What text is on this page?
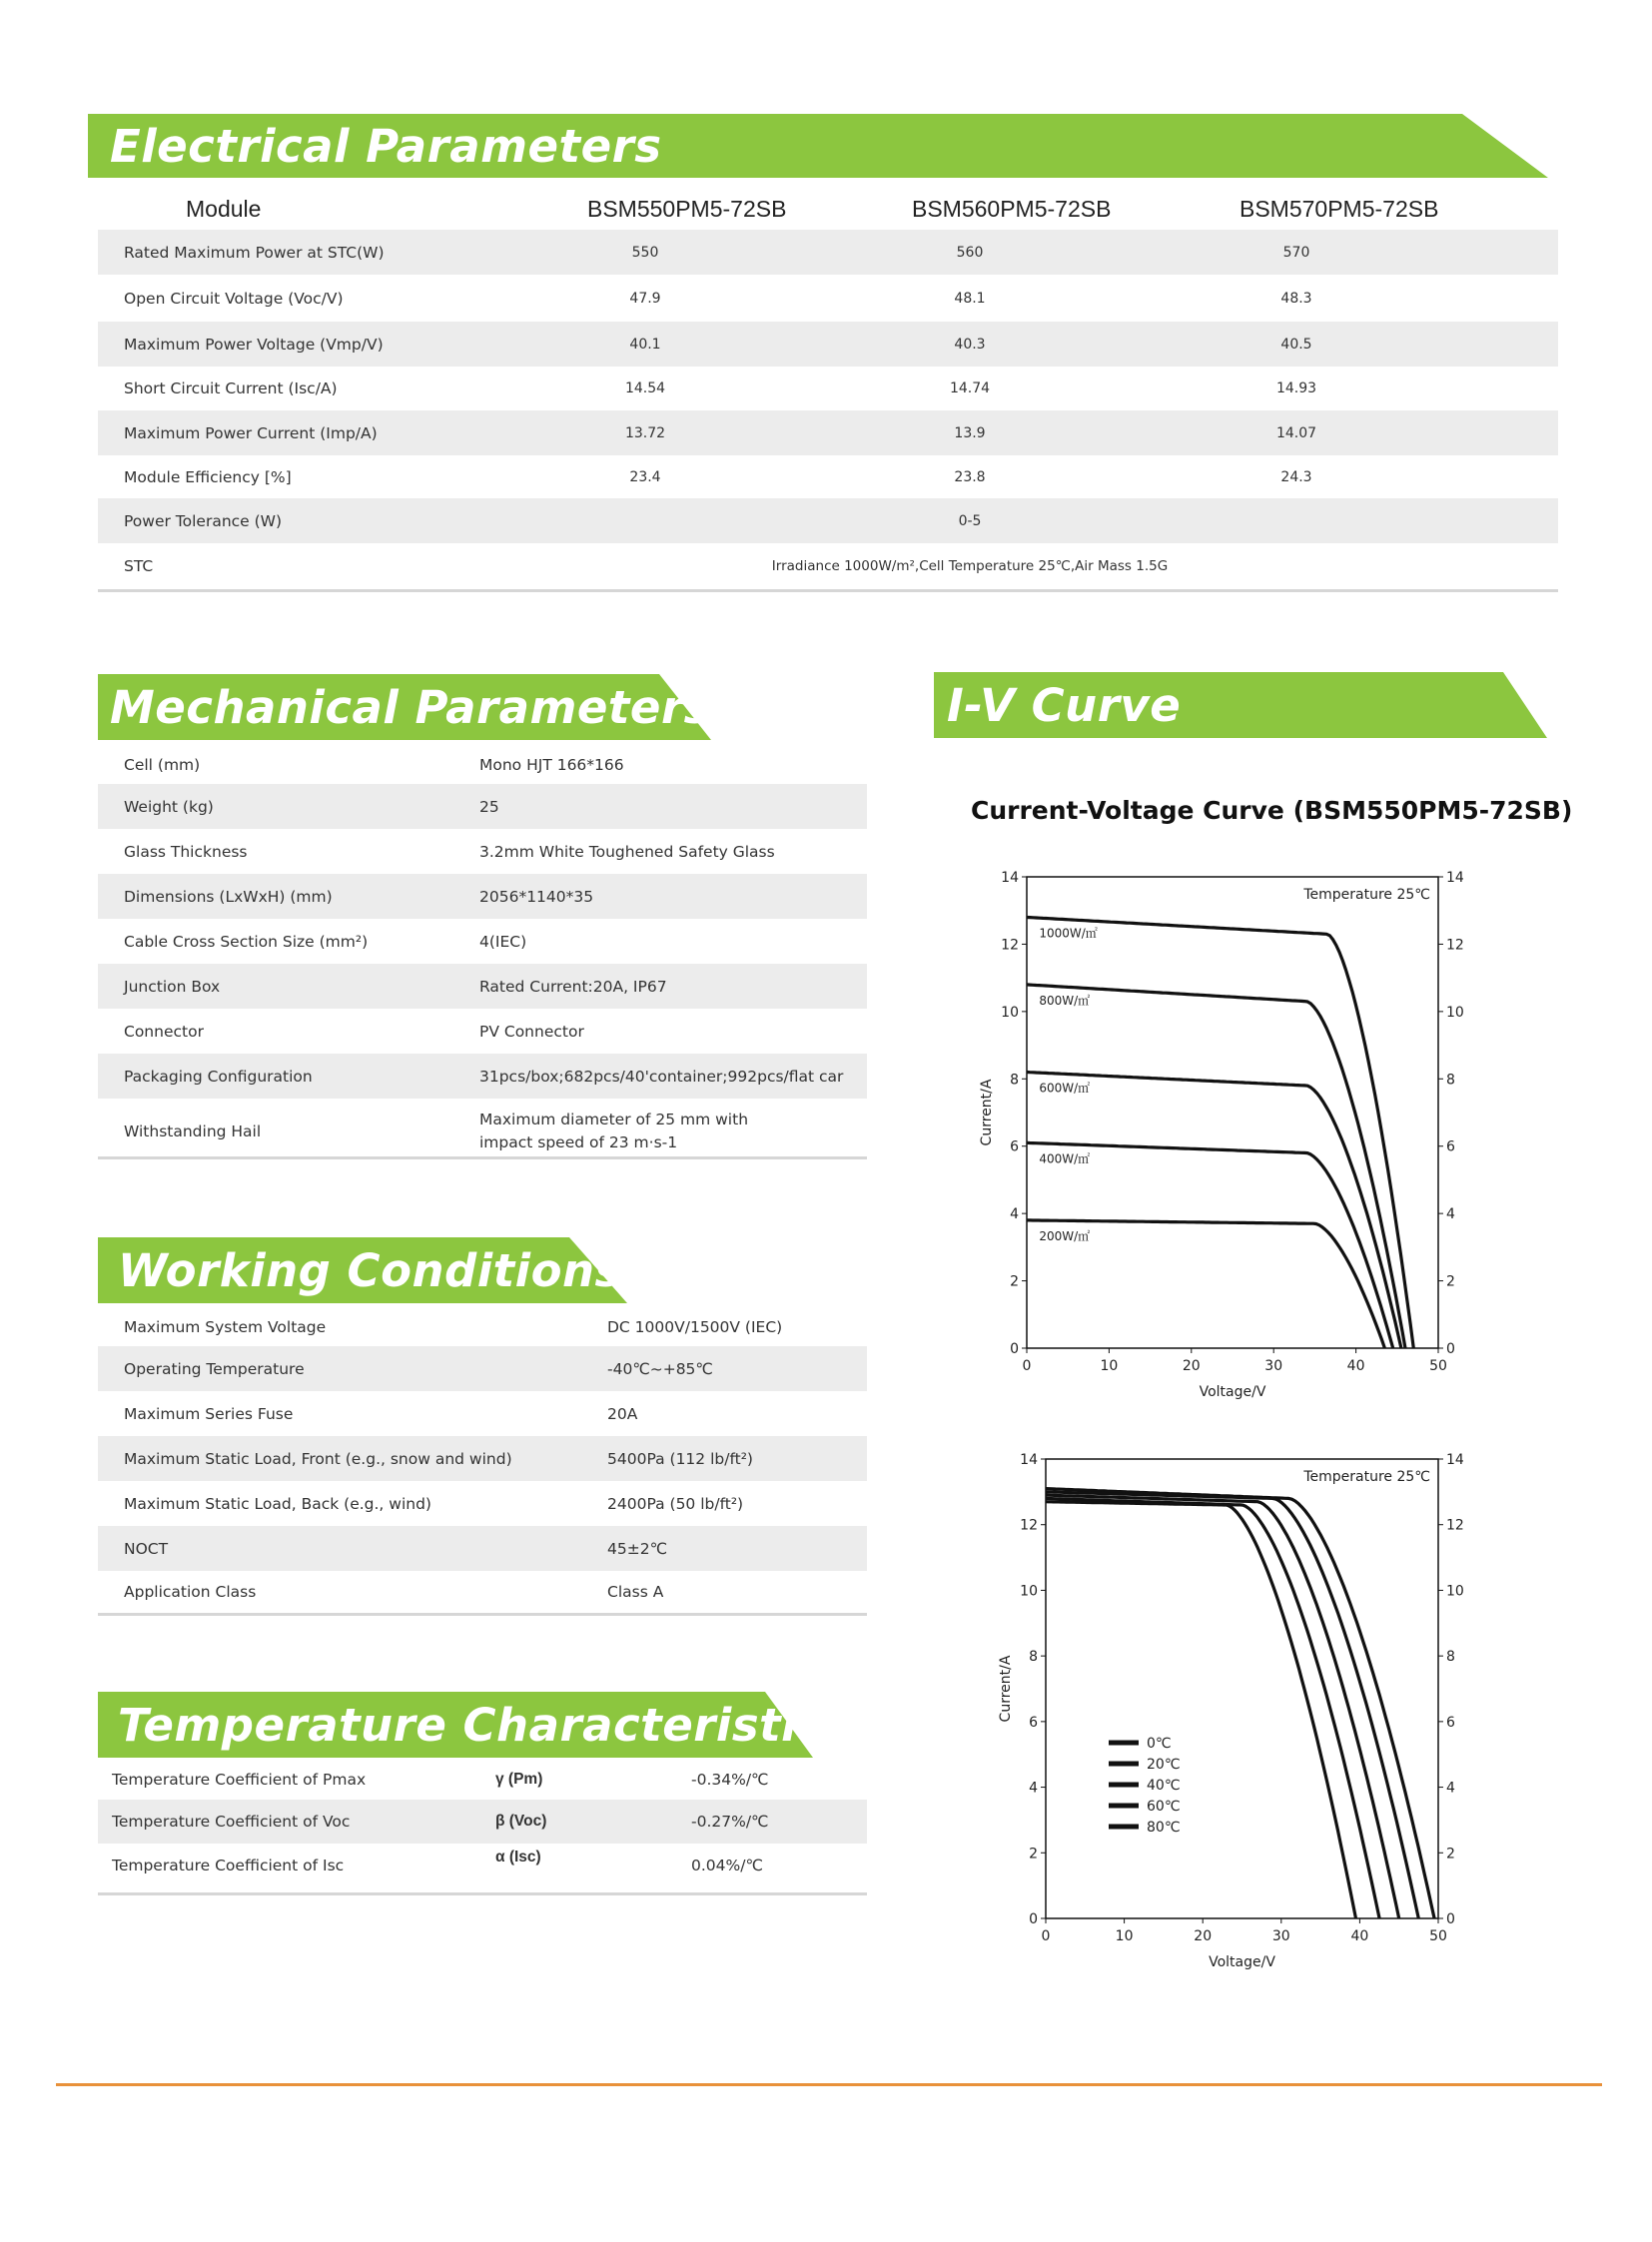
Electrical Parameters
Module	BSM550PM5-72SB	BSM560PM5-72SB	BSM570PM5-72SB
Rated Maximum Power at STC(W)	550	560	570
Open Circuit Voltage (Voc/V)	47.9	48.1	48.3
Maximum Power Voltage (Vmp/V)	40.1	40.3	40.5
Short Circuit Current (Isc/A)	14.54	14.74	14.93
Maximum Power Current (Imp/A)	13.72	13.9	14.07
Module Efficiency [%]	23.4	23.8	24.3
Power Tolerance (W)	0-5
STC	Irradiance 1000W/m²,Cell Temperature 25℃,Air Mass 1.5G
Mechanical Parameters
Cell (mm)	Mono HJT 166*166
Weight (kg)	25
Glass Thickness	3.2mm White Toughened Safety Glass
Dimensions (LxWxH) (mm)	2056*1140*35
Cable Cross Section Size (mm²)	4(IEC)
Junction Box	Rated Current:20A, IP67
Connector	PV Connector
Packaging Configuration	31pcs/box;682pcs/40'container;992pcs/flat car
Withstanding Hail
Maximum diameter of 25 mm with
impact speed of 23 m·s-1
Working Conditions
Maximum System Voltage	DC 1000V/1500V (IEC)
Operating Temperature	-40℃~+85℃
Maximum Series Fuse	20A
Maximum Static Load, Front (e.g., snow and wind)	5400Pa (112 lb/ft²)
Maximum Static Load, Back (e.g., wind)	2400Pa (50 lb/ft²)
NOCT	45±2℃
Application Class	Class A
Temperature Characteristics
Temperature Coefficient of Pmax	γ (Pm)	-0.34%/℃
Temperature Coefficient of Voc	β (Voc)	-0.27%/℃
Temperature Coefficient of Isc	α (Isc)	0.04%/℃
I-V Curve
Current-Voltage Curve (BSM550PM5-72SB)
0	10	20	30	40	50
0	0
2	2
4	4
6	6
8	8
10	10
12	12
14	14
Voltage/V
Current/A
Temperature 25℃
1000W/㎡
800W/㎡
600W/㎡
400W/㎡
200W/㎡
0	10	20	30	40	50
0	0
2	2
4	4
6	6
8	8
10	10
12	12
14	14
Voltage/V
Current/A
Temperature 25℃
0℃
20℃
40℃
60℃
80℃
